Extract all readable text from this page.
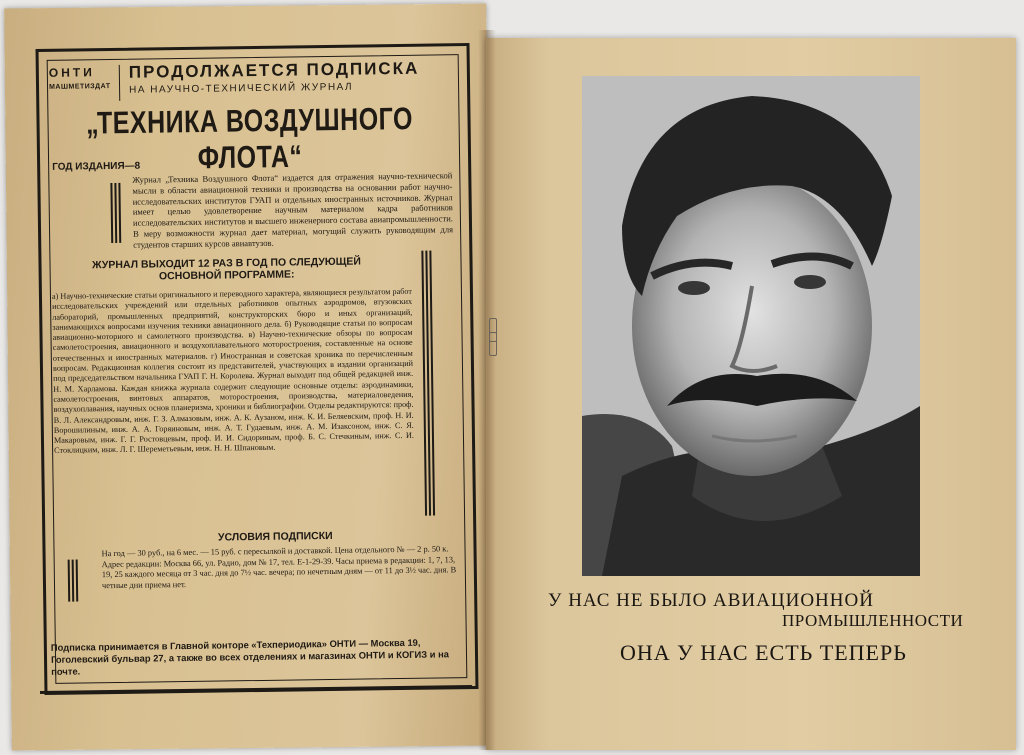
ОНТИ
МАШМЕТИЗДАТ
ПРОДОЛЖАЕТСЯ ПОДПИСКА
НА НАУЧНО-ТЕХНИЧЕСКИЙ ЖУРНАЛ
„ТЕХНИКА ВОЗДУШНОГО ФЛОТА“
ГОД ИЗДАНИЯ—8
Журнал „Техника Воздушного Флота“ издается для отражения научно-технической мысли в области авиационной техники и производства на основании работ научно-исследовательских институтов ГУАП и отдельных иностранных источников. Журнал имеет целью удовлетворение научным материалом кадра работников исследовательских институтов и высшего инженерного состава авиапромышленности. В меру возможности журнал дает материал, могущий служить руководящим для студентов старших курсов авиавтузов.
ЖУРНАЛ ВЫХОДИТ 12 РАЗ В ГОД ПО СЛЕДУЮЩЕЙ ОСНОВНОЙ ПРОГРАММЕ:
а) Научно-технические статьи оригинального и переводного характера, являющиеся результатом работ исследовательских учреждений или отдельных работников опытных аэродромов, втузовских лабораторий, промышленных предприятий, конструкторских бюро и иных организаций, занимающихся вопросами изучения техники авиационного дела. б) Руководящие статьи по вопросам авиационно-моторного и самолетного производства. в) Научно-технические обзоры по вопросам самолетостроения, авиационного и воздухоплавательного моторостроения, составленные на основе отечественных и иностранных материалов. г) Иностранная и советская хроника по перечисленным вопросам. Редакционная коллегия состоит из представителей, участвующих в издании организаций под председательством начальника ГУАП Г. Н. Королева. Журнал выходит под общей редакцией инж. Н. М. Харламова. Каждая книжка журнала содержит следующие основные отделы: аэродинамики, самолетостроения, винтовых аппаратов, моторостроения, производства, материаловедения, воздухоплавания, научных основ планеризма, хроники и библиографии. Отделы редактируются: проф. В. Л. Александровым, инж. Г. З. Алмазовым, инж. А. К. Аузаном, инж. К. И. Беляевским, проф. Н. И. Ворошилиным, инж. А. А. Горяиновым, инж. А. Т. Гудаевым, инж. А. М. Изаксоном, инж. С. Я. Макаровым, инж. Г. Г. Ростовцевым, проф. И. И. Сидориным, проф. Б. С. Стечкиным, инж. С. И. Стоклицким, инж. Л. Г. Шереметьевым, инж. Н. Н. Шпановым.
УСЛОВИЯ ПОДПИСКИ
На год — 30 руб., на 6 мес. — 15 руб. с пересылкой и доставкой. Цена отдельного № — 2 р. 50 к. Адрес редакции: Москва 66, ул. Радио, дом № 17, тел. Е-1-29-39. Часы приема в редакции: 1, 7, 13, 19, 25 каждого месяца от 3 час. дня до 7½ час. вечера; по нечетным дням — от 11 до 3½ час. дня. В четные дни приема нет.
Подписка принимается в Главной конторе «Техпериодика» ОНТИ — Москва 19, Гоголевский бульвар 27, а также во всех отделениях и магазинах ОНТИ и КОГИЗ и на почте.
У НАС НЕ БЫЛО АВИАЦИОННОЙ
ПРОМЫШЛЕННОСТИ
ОНА У НАС ЕСТЬ ТЕПЕРЬ
